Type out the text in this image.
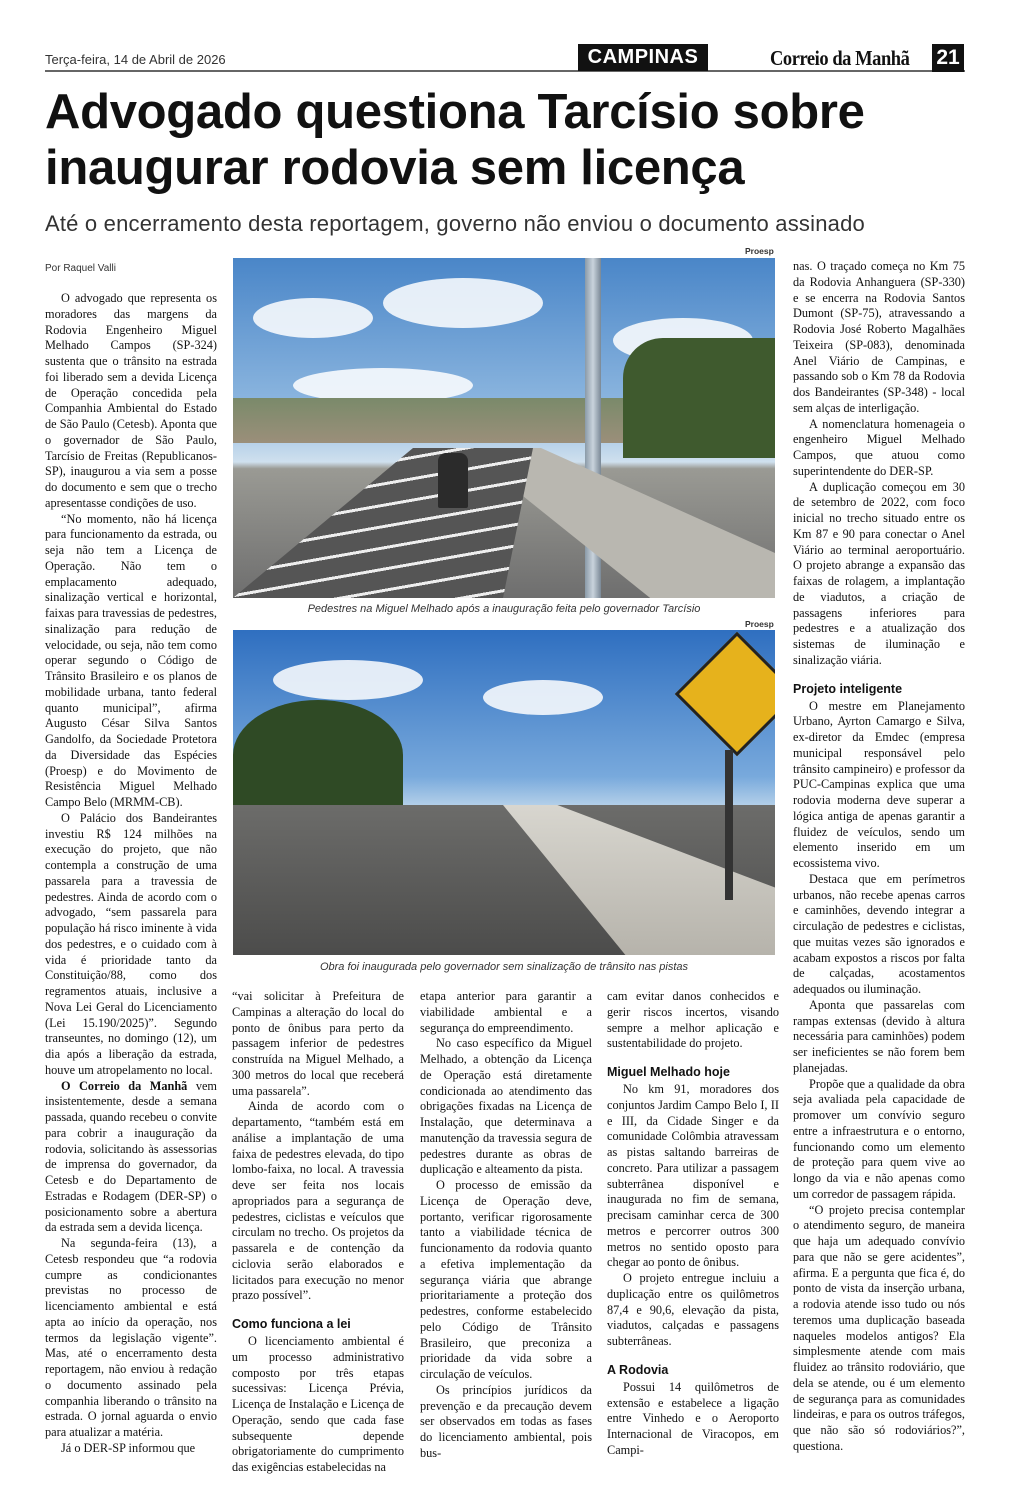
Terça-feira, 14 de Abril de 2026	CAMPINAS	Correio da Manhã 21
Advogado questiona Tarcísio sobre inaugurar rodovia sem licença
Até o encerramento desta reportagem, governo não enviou o documento assinado
Por Raquel Valli
Proesp
Pedestres na Miguel Melhado após a inauguração feita pelo governador Tarcísio
Proesp
Obra foi inaugurada pelo governador sem sinalização de trânsito nas pistas

O advogado que representa os moradores das margens da Rodovia Engenheiro Miguel Melhado Campos (SP-324) sustenta que o trânsito na estrada foi liberado sem a devida Licença de Operação concedida pela Companhia Ambiental do Estado de São Paulo (Cetesb). Aponta que o governador de São Paulo, Tarcísio de Freitas (Republicanos-SP), inaugurou a via sem a posse do documento e sem que o trecho apresentasse condições de uso.

“No momento, não há licença para funcionamento da estrada, ou seja não tem a Licença de Operação. Não tem o emplacamento adequado, sinalização vertical e horizontal, faixas para travessias de pedestres, sinalização para redução de velocidade, ou seja, não tem como operar segundo o Código de Trânsito Brasileiro e os planos de mobilidade urbana, tanto federal quanto municipal”, afirma Augusto César Silva Santos Gandolfo, da Sociedade Protetora da Diversidade das Espécies (Proesp) e do Movimento de Resistência Miguel Melhado Campo Belo (MRMM-CB).

O Palácio dos Bandeirantes investiu R$ 124 milhões na execução do projeto, que não contempla a construção de uma passarela para a travessia de pedestres. Ainda de acordo com o advogado, “sem passarela para população há risco iminente à vida dos pedestres, e o cuidado com à vida é prioridade tanto da Constituição/88, como dos regramentos atuais, inclusive a Nova Lei Geral do Licenciamento (Lei 15.190/2025)”. Segundo transeuntes, no domingo (12), um dia após a liberação da estrada, houve um atropelamento no local.

O Correio da Manhã vem insistentemente, desde a semana passada, quando recebeu o convite para cobrir a inauguração da rodovia, solicitando às assessorias de imprensa do governador, da Cetesb e do Departamento de Estradas e Rodagem (DER-SP) o posicionamento sobre a abertura da estrada sem a devida licença.

Na segunda-feira (13), a Cetesb respondeu que “a rodovia cumpre as condicionantes previstas no processo de licenciamento ambiental e está apta ao início da operação, nos termos da legislação vigente”. Mas, até o encerramento desta reportagem, não enviou à redação o documento assinado pela companhia liberando o trânsito na estrada. O jornal aguarda o envio para atualizar a matéria.

Já o DER-SP informou que

“vai solicitar à Prefeitura de Campinas a alteração do local do ponto de ônibus para perto da passagem inferior de pedestres construída na Miguel Melhado, a 300 metros do local que receberá uma passarela”.

Ainda de acordo com o departamento, “também está em análise a implantação de uma faixa de pedestres elevada, do tipo lombo-faixa, no local. A travessia deve ser feita nos locais apropriados para a segurança de pedestres, ciclistas e veículos que circulam no trecho. Os projetos da passarela e de contenção da ciclovia serão elaborados e licitados para execução no menor prazo possível”.

Como funciona a lei

O licenciamento ambiental é um processo administrativo composto por três etapas sucessivas: Licença Prévia, Licença de Instalação e Licença de Operação, sendo que cada fase subsequente depende obrigatoriamente do cumprimento das exigências estabelecidas na

etapa anterior para garantir a viabilidade ambiental e a segurança do empreendimento.

No caso específico da Miguel Melhado, a obtenção da Licença de Operação está diretamente condicionada ao atendimento das obrigações fixadas na Licença de Instalação, que determinava a manutenção da travessia segura de pedestres durante as obras de duplicação e alteamento da pista.

O processo de emissão da Licença de Operação deve, portanto, verificar rigorosamente tanto a viabilidade técnica de funcionamento da rodovia quanto a efetiva implementação da segurança viária que abrange prioritariamente a proteção dos pedestres, conforme estabelecido pelo Código de Trânsito Brasileiro, que preconiza a prioridade da vida sobre a circulação de veículos.

Os princípios jurídicos da prevenção e da precaução devem ser observados em todas as fases do licenciamento ambiental, pois bus-

cam evitar danos conhecidos e gerir riscos incertos, visando sempre a melhor aplicação e sustentabilidade do projeto.

Miguel Melhado hoje

No km 91, moradores dos conjuntos Jardim Campo Belo I, II e III, da Cidade Singer e da comunidade Colômbia atravessam as pistas saltando barreiras de concreto. Para utilizar a passagem subterrânea disponível e inaugurada no fim de semana, precisam caminhar cerca de 300 metros e percorrer outros 300 metros no sentido oposto para chegar ao ponto de ônibus.

O projeto entregue incluiu a duplicação entre os quilômetros 87,4 e 90,6, elevação da pista, viadutos, calçadas e passagens subterrâneas.

A Rodovia

Possui 14 quilômetros de extensão e estabelece a ligação entre Vinhedo e o Aeroporto Internacional de Viracopos, em Campi-

nas. O traçado começa no Km 75 da Rodovia Anhanguera (SP-330) e se encerra na Rodovia Santos Dumont (SP-75), atravessando a Rodovia José Roberto Magalhães Teixeira (SP-083), denominada Anel Viário de Campinas, e passando sob o Km 78 da Rodovia dos Bandeirantes (SP-348) - local sem alças de interligação.

A nomenclatura homenageia o engenheiro Miguel Melhado Campos, que atuou como superintendente do DER-SP.

A duplicação começou em 30 de setembro de 2022, com foco inicial no trecho situado entre os Km 87 e 90 para conectar o Anel Viário ao terminal aeroportuário. O projeto abrange a expansão das faixas de rolagem, a implantação de viadutos, a criação de passagens inferiores para pedestres e a atualização dos sistemas de iluminação e sinalização viária.

Projeto inteligente

O mestre em Planejamento Urbano, Ayrton Camargo e Silva, ex-diretor da Emdec (empresa municipal responsável pelo trânsito campineiro) e professor da PUC-Campinas explica que uma rodovia moderna deve superar a lógica antiga de apenas garantir a fluidez de veículos, sendo um elemento inserido em um ecossistema vivo.

Destaca que em perímetros urbanos, não recebe apenas carros e caminhões, devendo integrar a circulação de pedestres e ciclistas, que muitas vezes são ignorados e acabam expostos a riscos por falta de calçadas, acostamentos adequados ou iluminação.

Aponta que passarelas com rampas extensas (devido à altura necessária para caminhões) podem ser ineficientes se não forem bem planejadas.

Propõe que a qualidade da obra seja avaliada pela capacidade de promover um convívio seguro entre a infraestrutura e o entorno, funcionando como um elemento de proteção para quem vive ao longo da via e não apenas como um corredor de passagem rápida.

“O projeto precisa contemplar o atendimento seguro, de maneira que haja um adequado convívio para que não se gere acidentes”, afirma. E a pergunta que fica é, do ponto de vista da inserção urbana, a rodovia atende isso tudo ou nós teremos uma duplicação baseada naqueles modelos antigos? Ela simplesmente atende com mais fluidez ao trânsito rodoviário, que dela se atende, ou é um elemento de segurança para as comunidades lindeiras, e para os outros tráfegos, que não são só rodoviários?”, questiona.
